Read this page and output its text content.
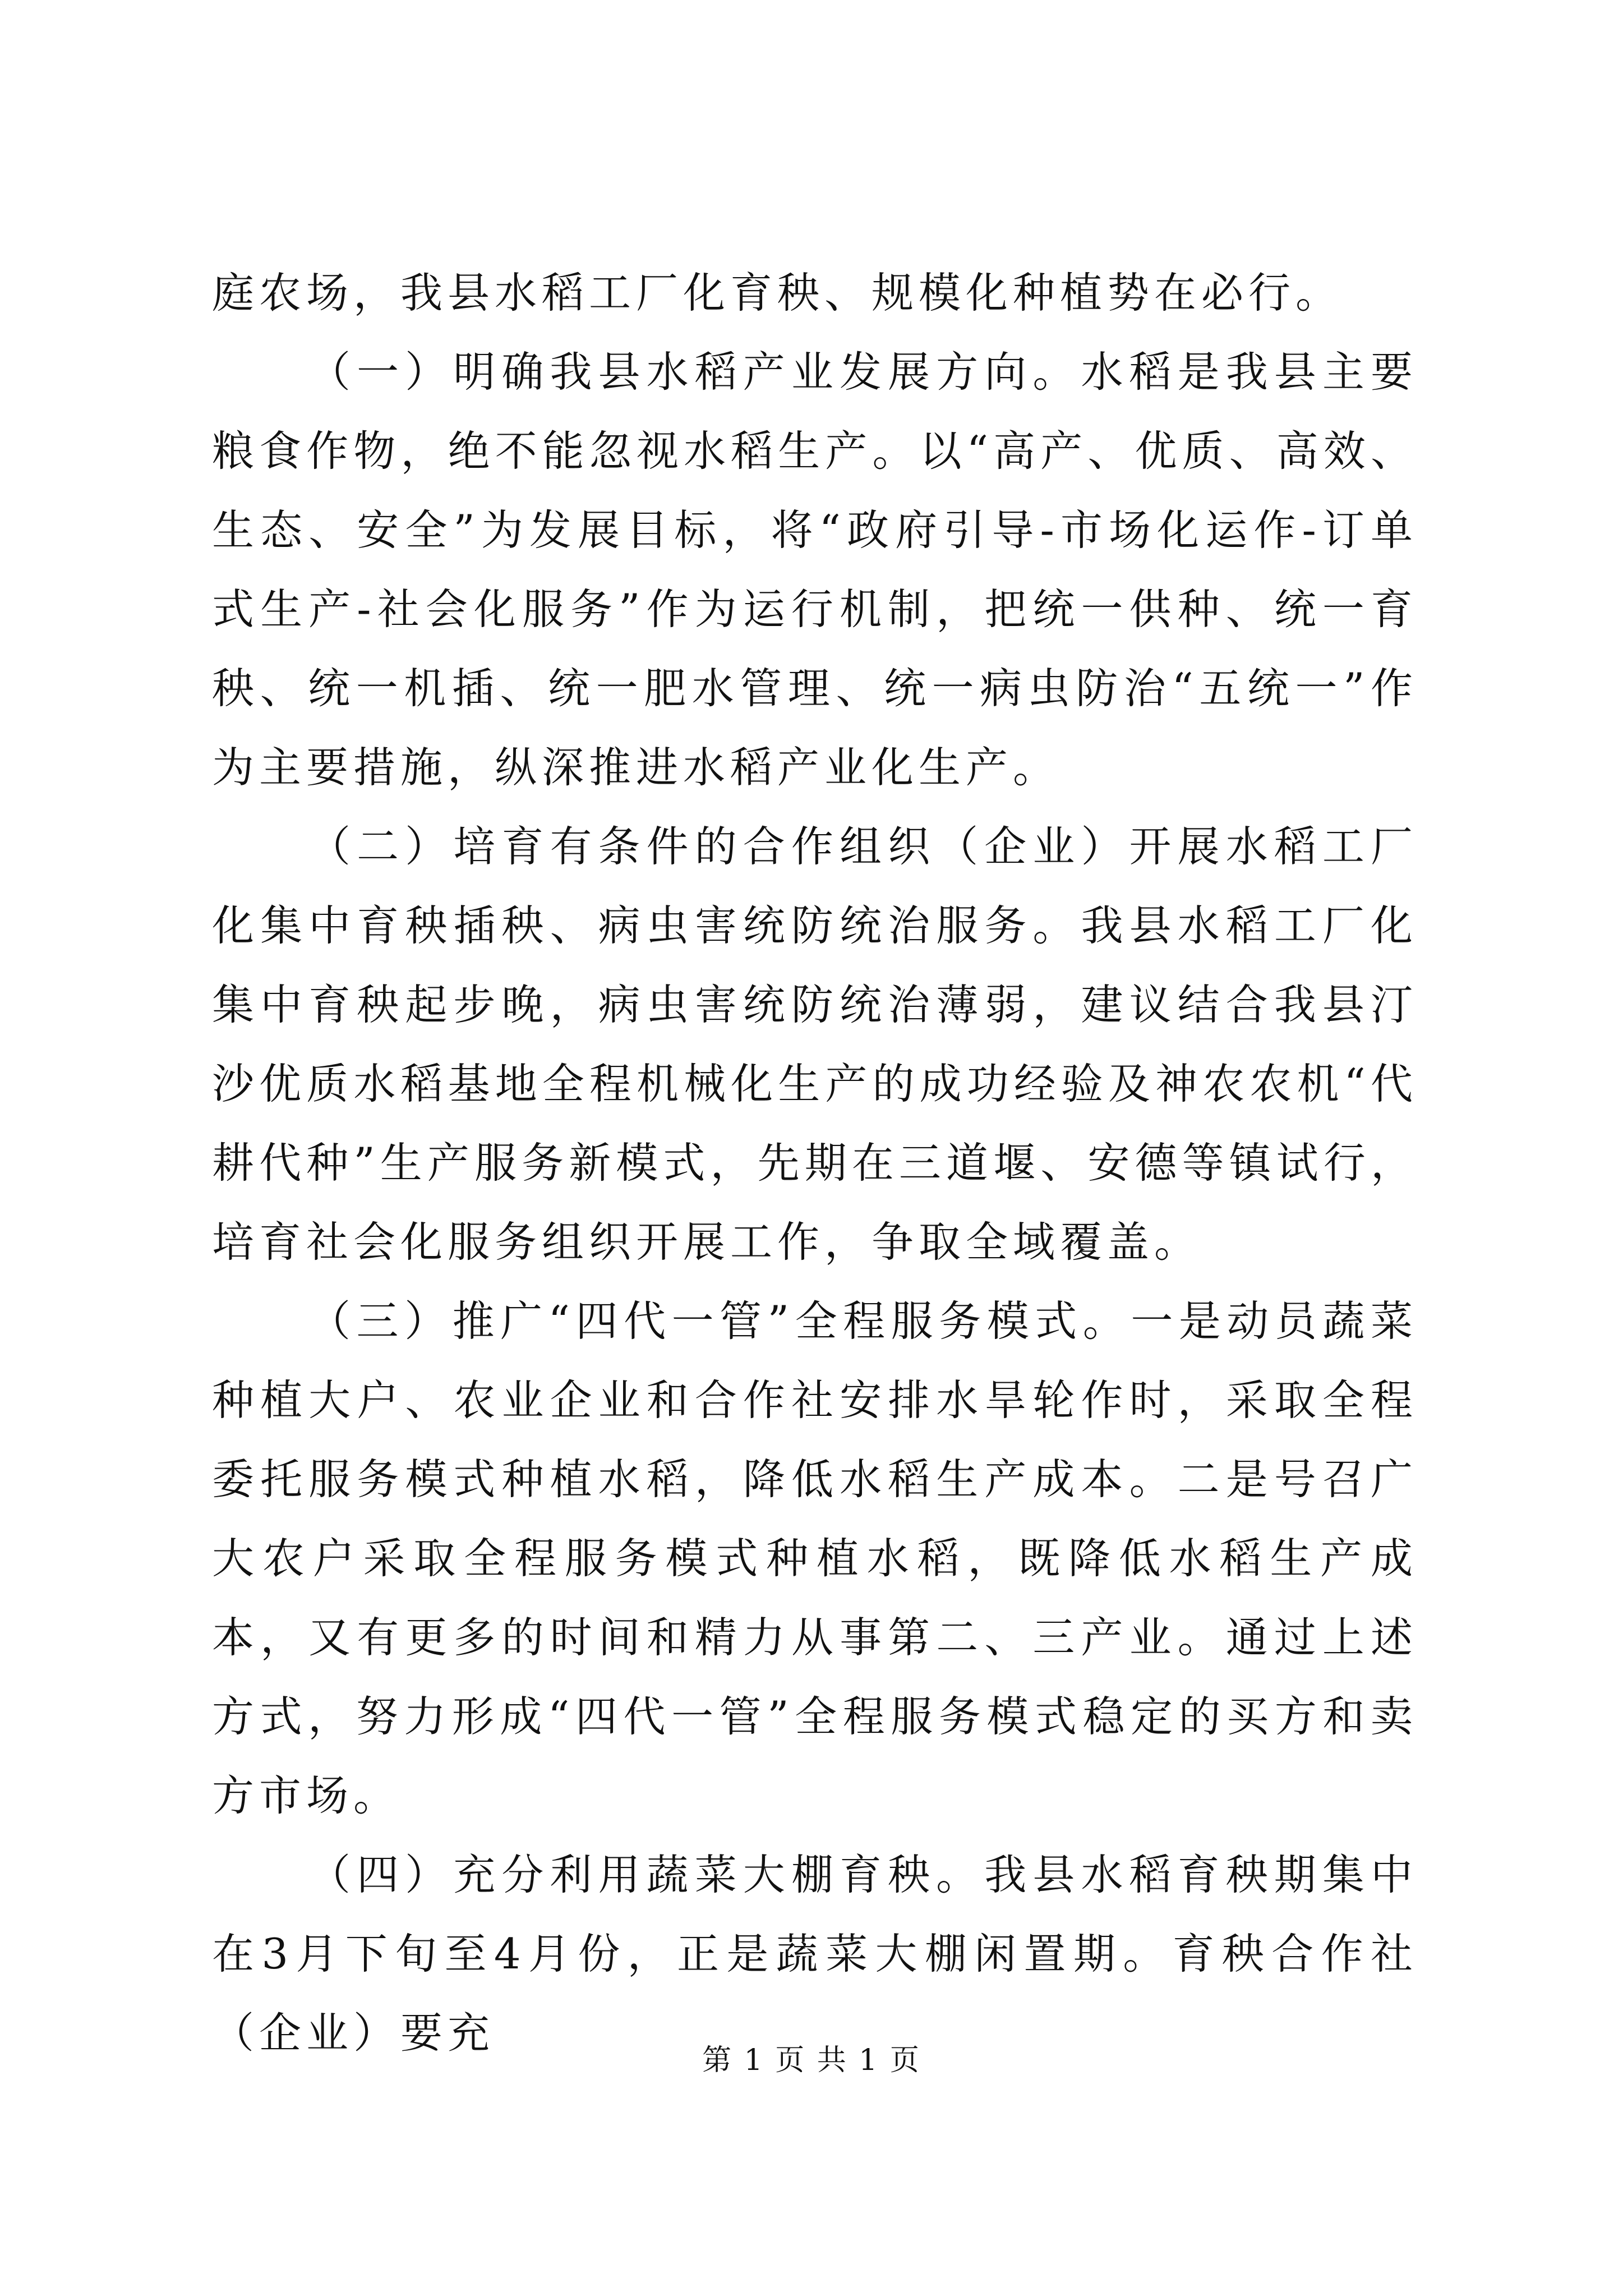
庭农场，我县水稻工厂化育秧、规模化种植势在必行。

（一）明确我县水稻产业发展方向。水稻是我县主要粮食作物，绝不能忽视水稻生产。以“高产、优质、高效、生态、安全”为发展目标，将“政府引导-市场化运作-订单式生产-社会化服务”作为运行机制，把统一供种、统一育秧、统一机插、统一肥水管理、统一病虫防治“五统一”作为主要措施，纵深推进水稻产业化生产。

（二）培育有条件的合作组织（企业）开展水稻工厂化集中育秧插秧、病虫害统防统治服务。我县水稻工厂化集中育秧起步晚，病虫害统防统治薄弱，建议结合我县汀沙优质水稻基地全程机械化生产的成功经验及神农农机“代耕代种”生产服务新模式，先期在三道堰、安德等镇试行，培育社会化服务组织开展工作，争取全域覆盖。

（三）推广“四代一管”全程服务模式。一是动员蔬菜种植大户、农业企业和合作社安排水旱轮作时，采取全程委托服务模式种植水稻，降低水稻生产成本。二是号召广大农户采取全程服务模式种植水稻，既降低水稻生产成本，又有更多的时间和精力从事第二、三产业。通过上述方式，努力形成“四代一管”全程服务模式稳定的买方和卖方市场。

（四）充分利用蔬菜大棚育秧。我县水稻育秧期集中在3月下旬至4月份，正是蔬菜大棚闲置期。育秧合作社（企业）要充

第 1 页 共 1 页
